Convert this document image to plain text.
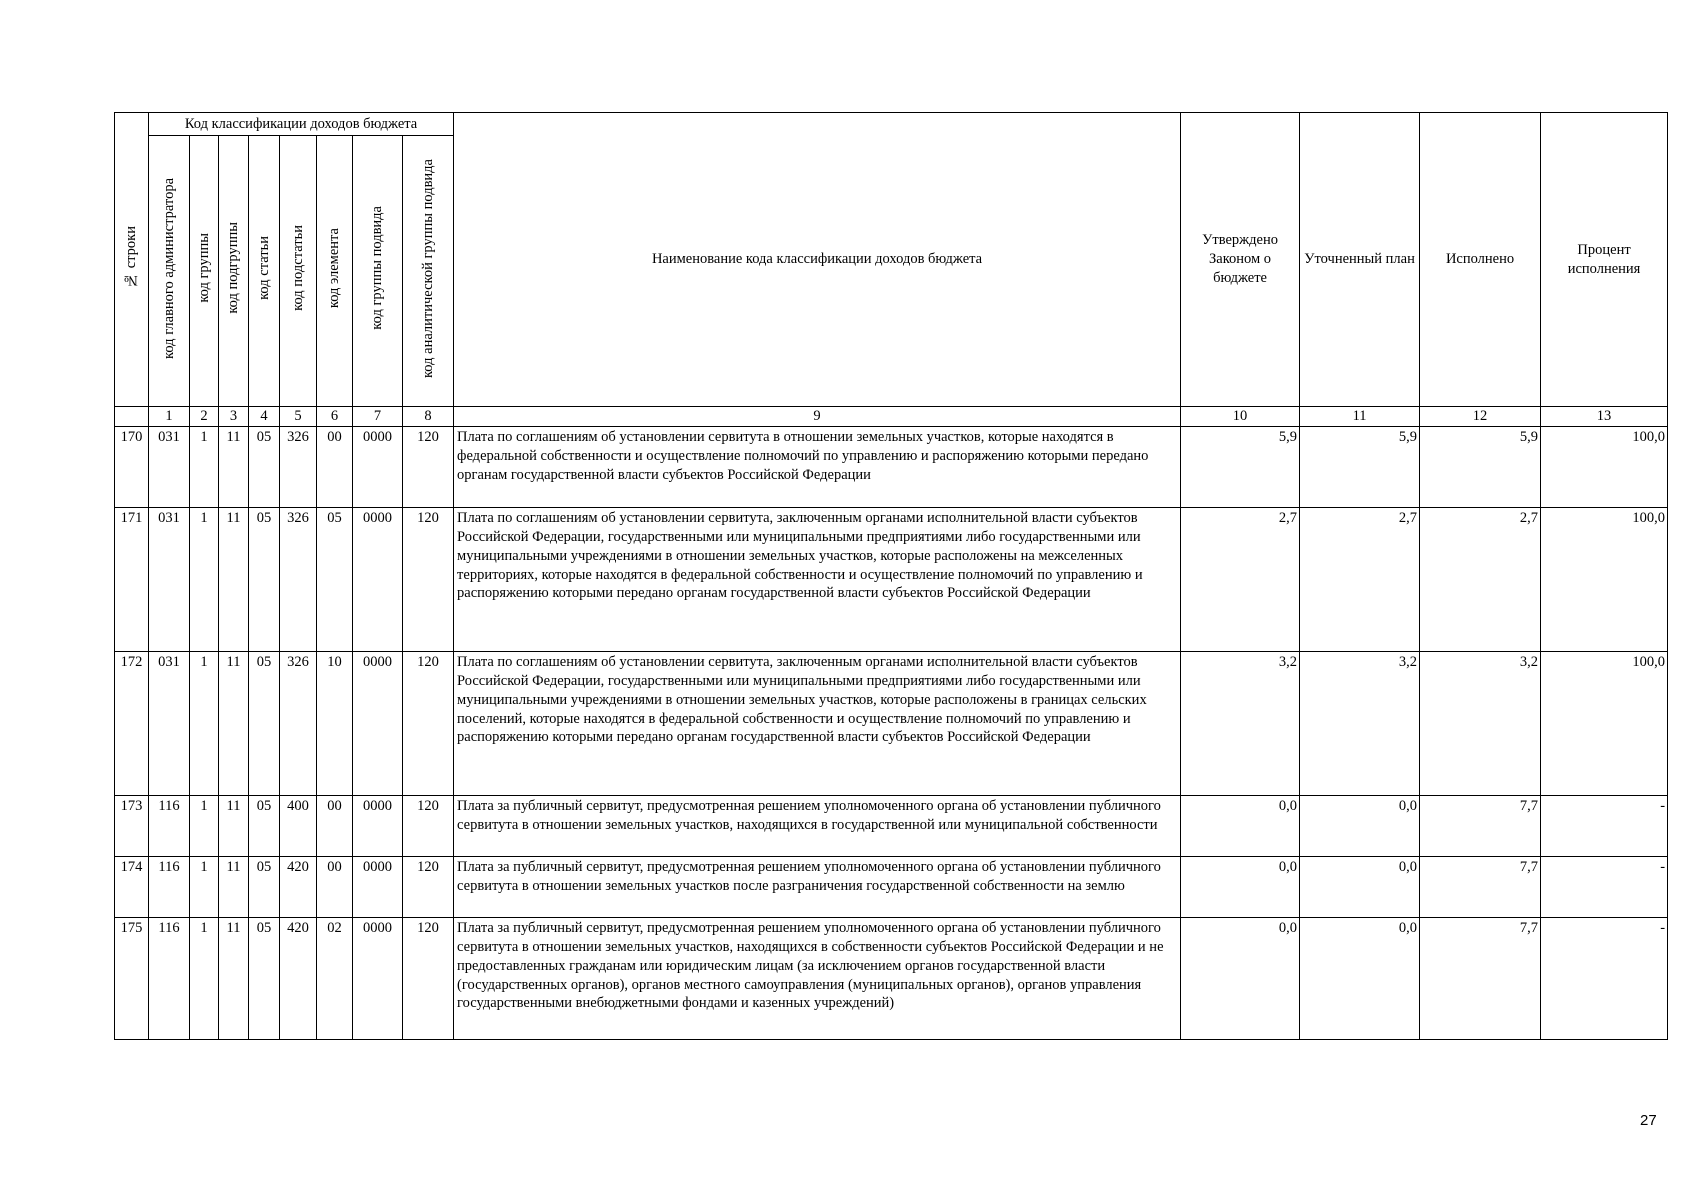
№ строки	Код классификации доходов бюджета								Наименование кода классификации доходов бюджета	Утверждено Законом о бюджете	Уточненный план	Исполнено	Процент исполнения
	код главного администратора	код группы	код подгруппы	код статьи	код подстатьи	код элемента	код группы подвида	код аналитической группы подвида					
	1	2	3	4	5	6	7	8	9	10	11	12	13
170	031	1	11	05	326	00	0000	120	Плата по соглашениям об установлении сервитута в отношении земельных участков, которые находятся в федеральной собственности и осуществление полномочий по управлению и распоряжению которыми передано органам государственной власти субъектов Российской Федерации	5,9	5,9	5,9	100,0
171	031	1	11	05	326	05	0000	120	Плата по соглашениям об установлении сервитута, заключенным органами исполнительной власти субъектов Российской Федерации, государственными или муниципальными предприятиями либо государственными или муниципальными учреждениями в отношении земельных участков, которые расположены на межселенных территориях, которые находятся в федеральной собственности и осуществление полномочий по управлению и распоряжению которыми передано органам государственной власти субъектов Российской Федерации	2,7	2,7	2,7	100,0
172	031	1	11	05	326	10	0000	120	Плата по соглашениям об установлении сервитута, заключенным органами исполнительной власти субъектов Российской Федерации, государственными или муниципальными предприятиями либо государственными или муниципальными учреждениями в отношении земельных участков, которые расположены в границах сельских поселений, которые находятся в федеральной собственности и осуществление полномочий по управлению и распоряжению которыми передано органам государственной власти субъектов Российской Федерации	3,2	3,2	3,2	100,0
173	116	1	11	05	400	00	0000	120	Плата за публичный сервитут, предусмотренная решением уполномоченного органа об установлении публичного сервитута в отношении земельных участков, находящихся в государственной или муниципальной собственности	0,0	0,0	7,7	-
174	116	1	11	05	420	00	0000	120	Плата за публичный сервитут, предусмотренная решением уполномоченного органа об установлении публичного сервитута в отношении земельных участков после разграничения государственной собственности на землю	0,0	0,0	7,7	-
175	116	1	11	05	420	02	0000	120	Плата за публичный сервитут, предусмотренная решением уполномоченного органа об установлении публичного сервитута в отношении земельных участков, находящихся в собственности субъектов Российской Федерации и не предоставленных гражданам или юридическим лицам (за исключением органов государственной власти (государственных органов), органов местного самоуправления (муниципальных органов), органов управления государственными внебюджетными фондами и казенных учреждений)	0,0	0,0	7,7	-
27
